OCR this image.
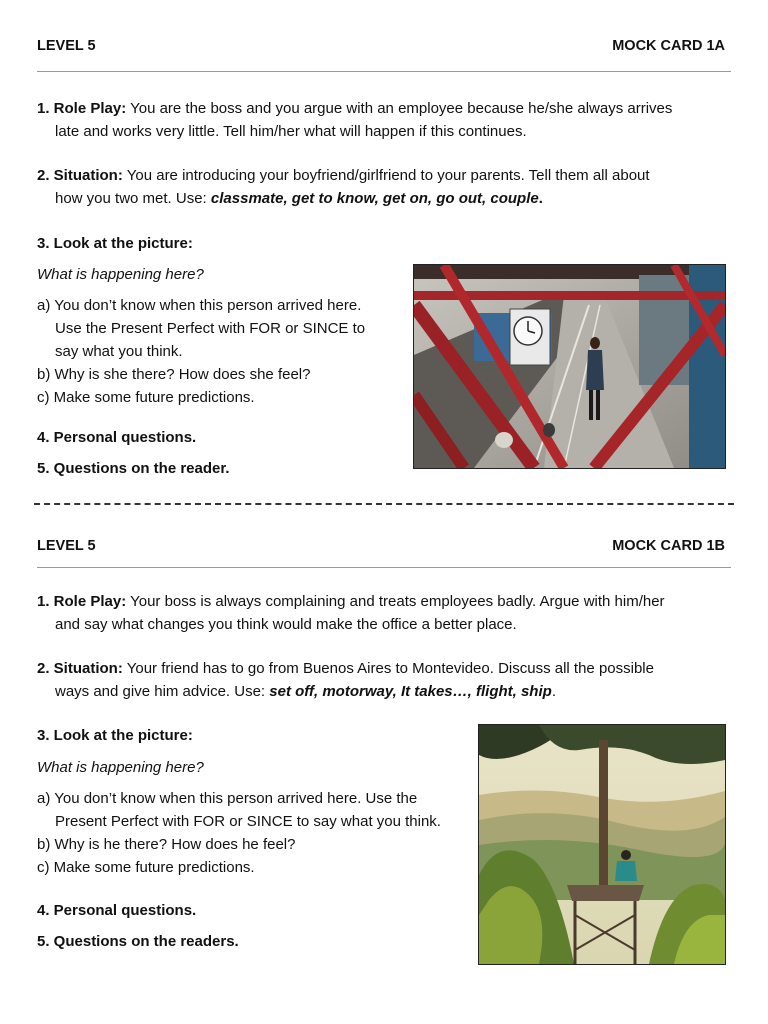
LEVEL 5	MOCK CARD 1A
1. Role Play: You are the boss and you argue with an employee because he/she always arrives
late and works very little. Tell him/her what will happen if this continues.
2. Situation: You are introducing your boyfriend/girlfriend to your parents. Tell them all about
how you two met. Use: classmate, get to know, get on, go out, couple.
3. Look at the picture:
What is happening here?
a) You don’t know when this person arrived here.
Use the Present Perfect with FOR or SINCE to
say what you think.
b) Why is she there? How does she feel?
c) Make some future predictions.
4. Personal questions.
5. Questions on the reader.
LEVEL 5	MOCK CARD 1B
1. Role Play: Your boss is always complaining and treats employees badly. Argue with him/her
and say what changes you think would make the office a better place.
2. Situation: Your friend has to go from Buenos Aires to Montevideo. Discuss all the possible
ways and give him advice. Use: set off, motorway, It takes…, flight, ship.
3. Look at the picture:
What is happening here?
a) You don’t know when this person arrived here. Use the
Present Perfect with FOR or SINCE to say what you think.
b) Why is he there? How does he feel?
c) Make some future predictions.
4. Personal questions.
5. Questions on the readers.
